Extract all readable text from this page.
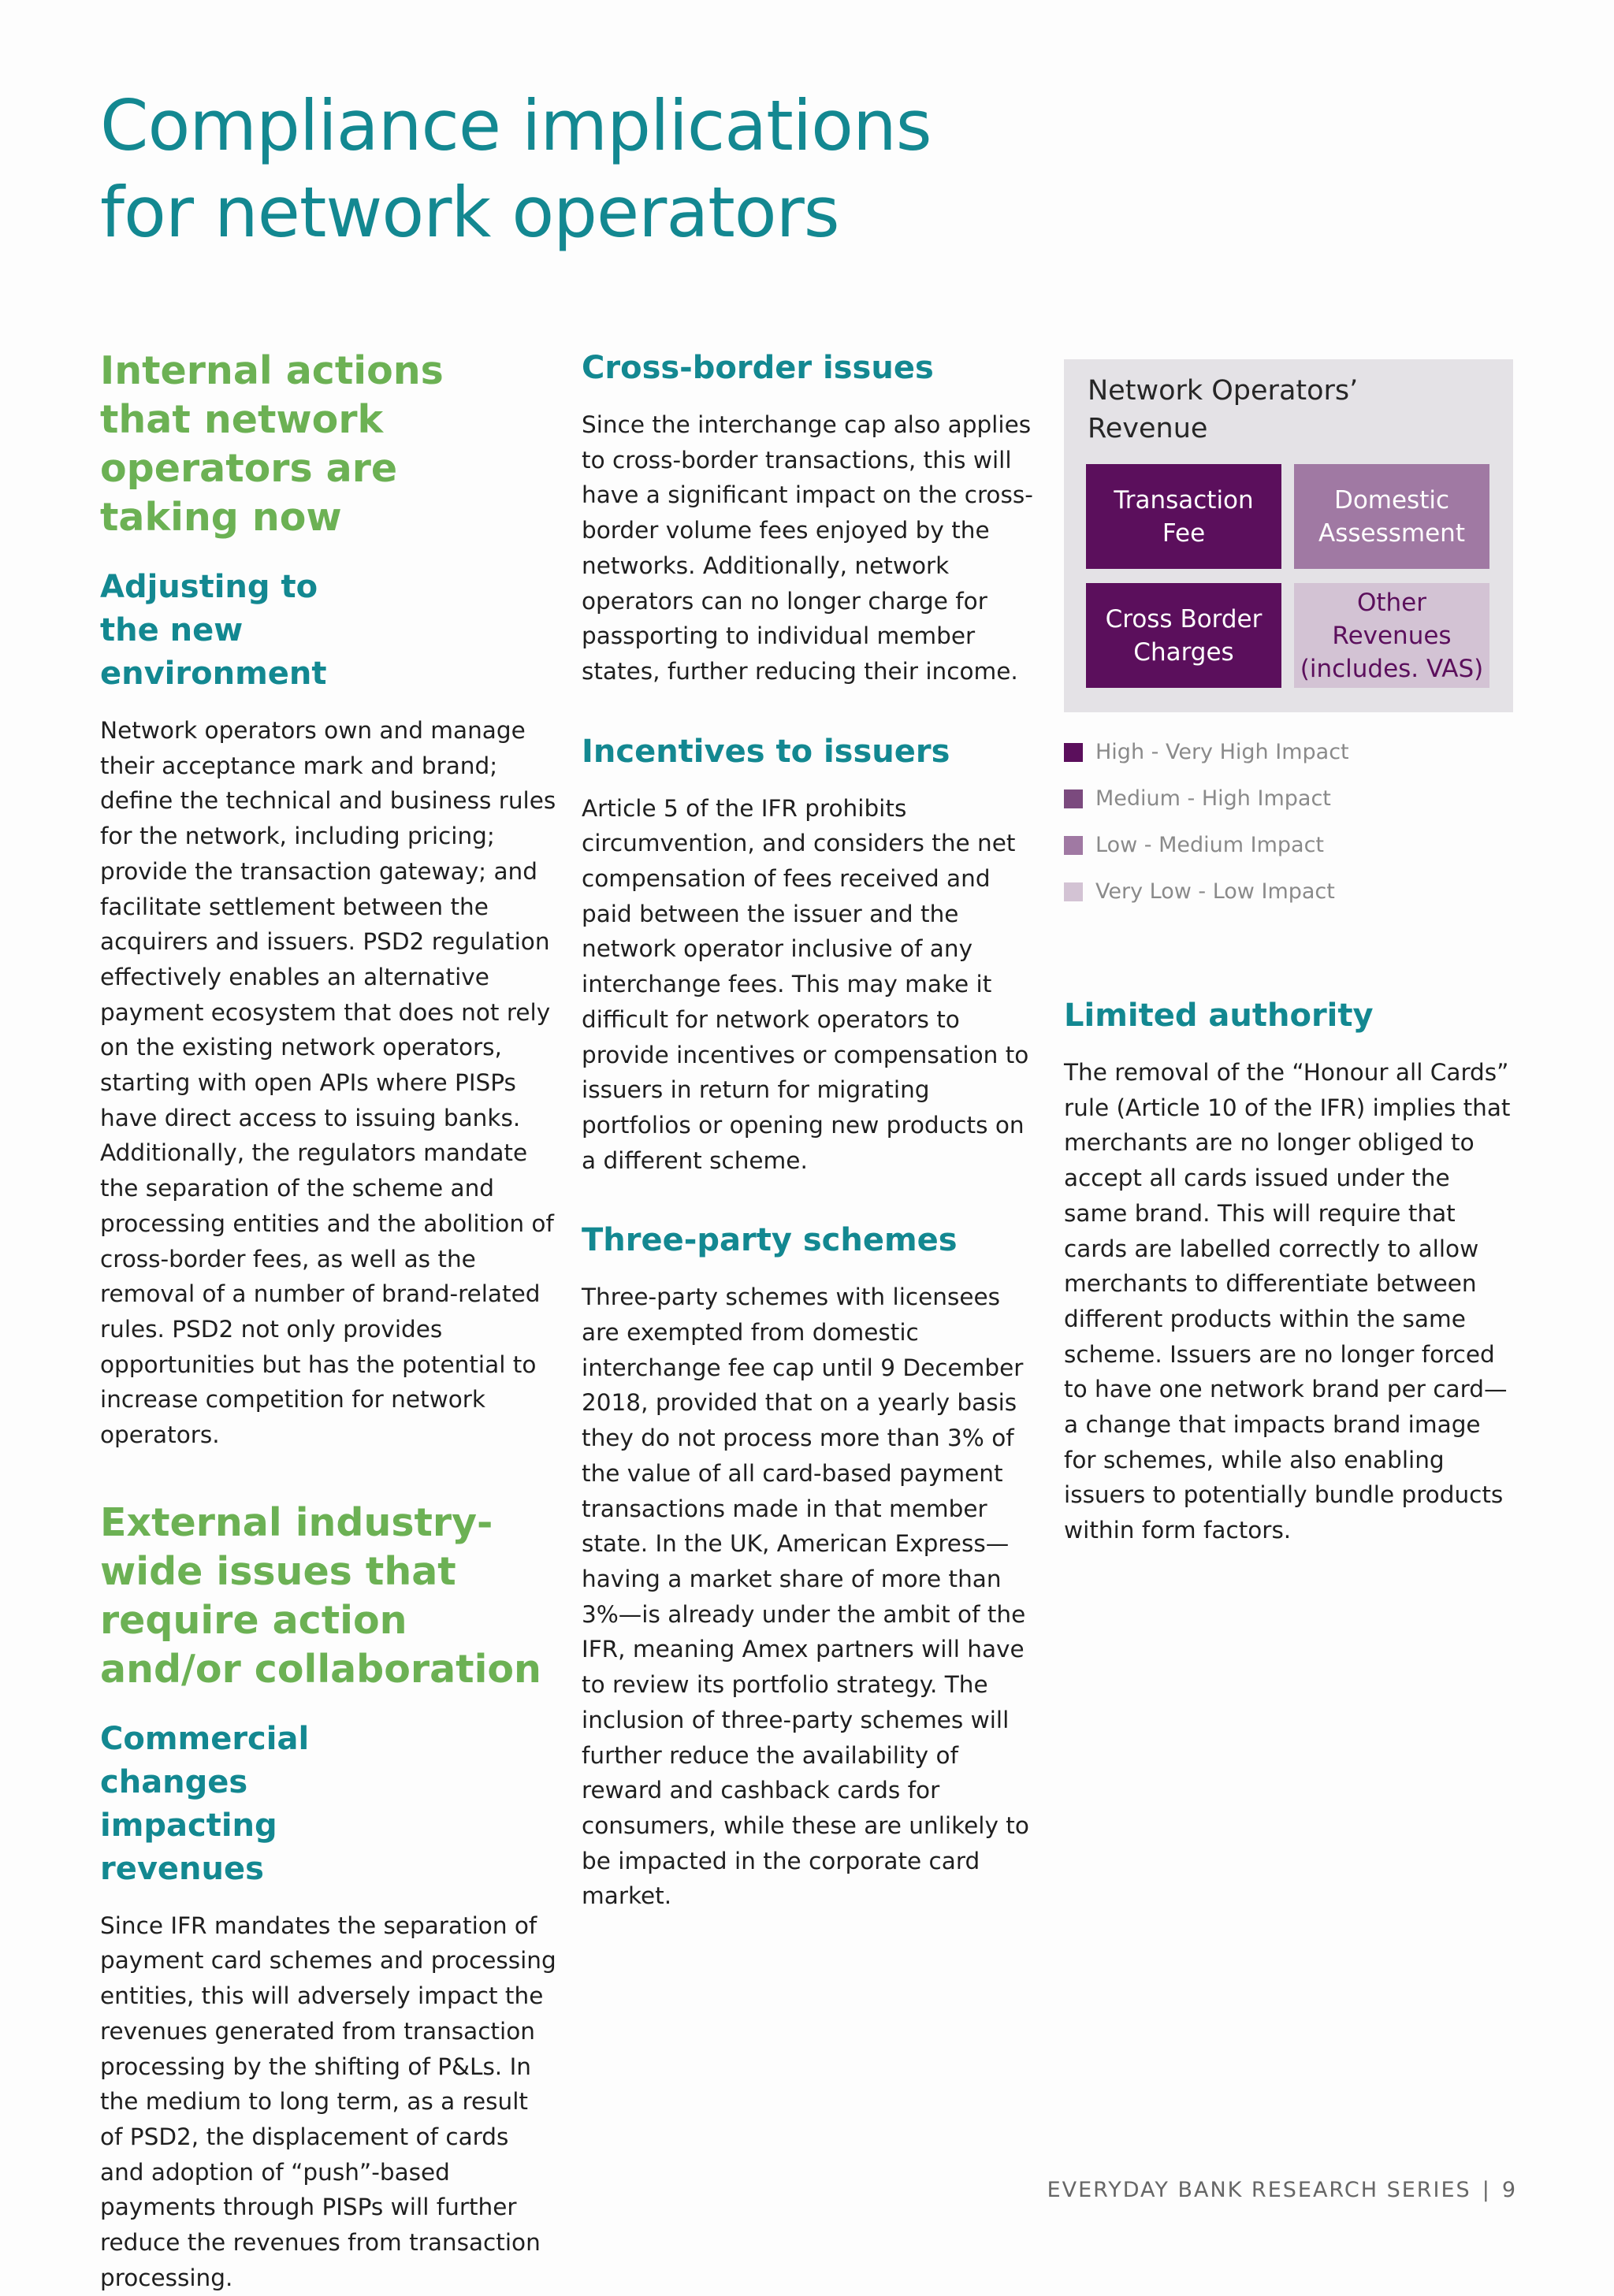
Compliance implications
for network operators
Internal actions that network operators are taking now
Adjusting to the new environment

Network operators own and manage their acceptance mark and brand; define the technical and business rules for the network, including pricing; provide the transaction gateway; and facilitate settlement between the acquirers and issuers. PSD2 regulation effectively enables an alternative payment ecosystem that does not rely on the existing network operators, starting with open APIs where PISPs have direct access to issuing banks. Additionally, the regulators mandate the separation of the scheme and processing entities and the abolition of cross-border fees, as well as the removal of a number of brand-related rules. PSD2 not only provides opportunities but has the potential to increase competition for network operators.

External industry-wide issues that require action and/or collaboration
Commercial changes impacting revenues

Since IFR mandates the separation of payment card schemes and processing entities, this will adversely impact the revenues generated from transaction processing by the shifting of P&Ls. In the medium to long term, as a result of PSD2, the displacement of cards and adoption of “push”-based payments through PISPs will further reduce the revenues from transaction processing.

Cross-border issues

Since the interchange cap also applies to cross-border transactions, this will have a significant impact on the cross-border volume fees enjoyed by the networks. Additionally, network operators can no longer charge for passporting to individual member states, further reducing their income.

Incentives to issuers

Article 5 of the IFR prohibits circumvention, and considers the net compensation of fees received and paid between the issuer and the network operator inclusive of any interchange fees. This may make it difficult for network operators to provide incentives or compensation to issuers in return for migrating portfolios or opening new products on a different scheme.

Three-party schemes

Three-party schemes with licensees are exempted from domestic interchange fee cap until 9 December 2018, provided that on a yearly basis they do not process more than 3% of the value of all card-based payment transactions made in that member state. In the UK, American Express—having a market share of more than 3%—is already under the ambit of the IFR, meaning Amex partners will have to review its portfolio strategy. The inclusion of three-party schemes will further reduce the availability of reward and cashback cards for consumers, while these are unlikely to be impacted in the corporate card market.

Network Operators’ Revenue
Transaction Fee
Domestic Assessment
Cross Border Charges
Other Revenues (includes. VAS)
High - Very High Impact
Medium - High Impact
Low - Medium Impact
Very Low - Low Impact
Limited authority

The removal of the “Honour all Cards” rule (Article 10 of the IFR) implies that merchants are no longer obliged to accept all cards issued under the same brand. This will require that cards are labelled correctly to allow merchants to differentiate between different products within the same scheme. Issuers are no longer forced to have one network brand per card—a change that impacts brand image for schemes, while also enabling issuers to potentially bundle products within form factors.

EVERYDAY BANK RESEARCH SERIES | 9
